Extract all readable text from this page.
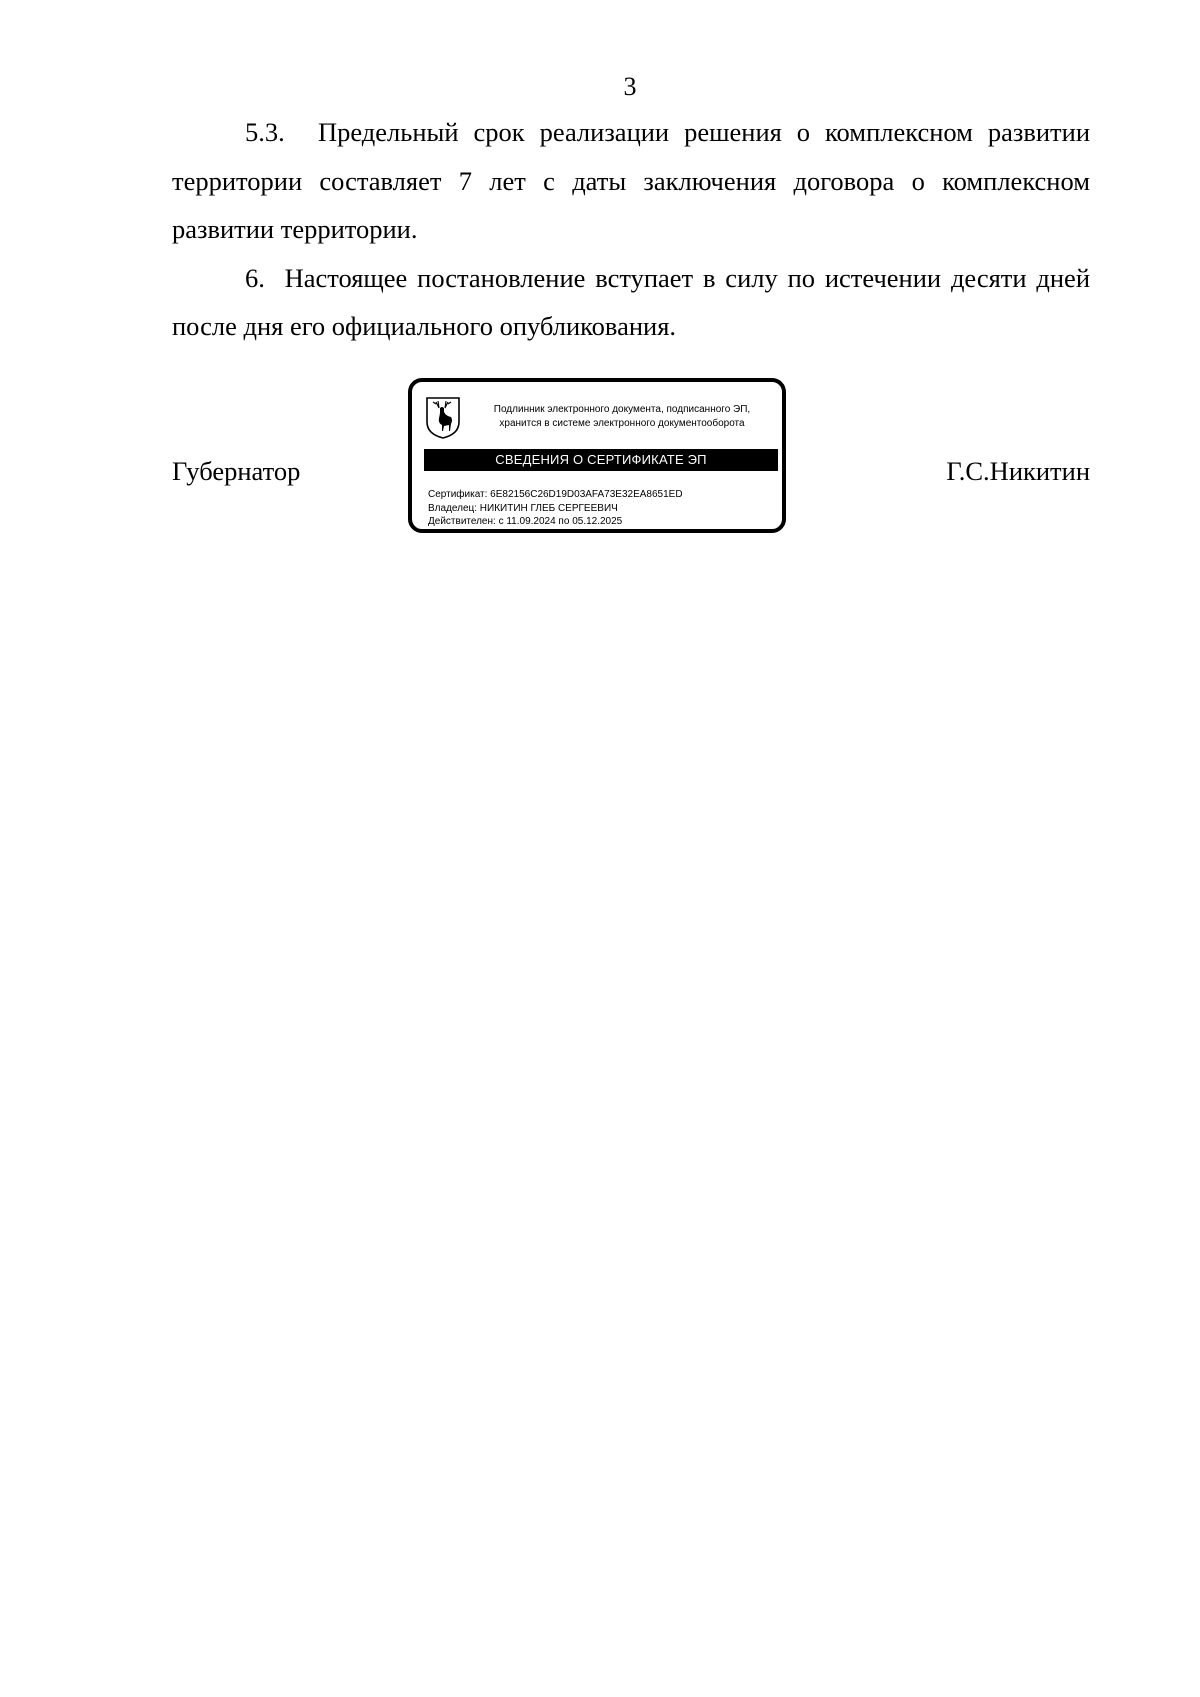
3

5.3. Предельный срок реализации решения о комплексном развитии территории составляет 7 лет с даты заключения договора о комплексном развитии территории.

6. Настоящее постановление вступает в силу по истечении десяти дней после дня его официального опубликования.

Губернатор	Г.С.Никитин
Подлинник электронного документа, подписанного ЭП,
хранится в системе электронного документооборота
СВЕДЕНИЯ О СЕРТИФИКАТЕ ЭП
Сертификат: 6E82156C26D19D03AFA73E32EA8651ED
Владелец: НИКИТИН ГЛЕБ СЕРГЕЕВИЧ
Действителен: с 11.09.2024 по 05.12.2025
